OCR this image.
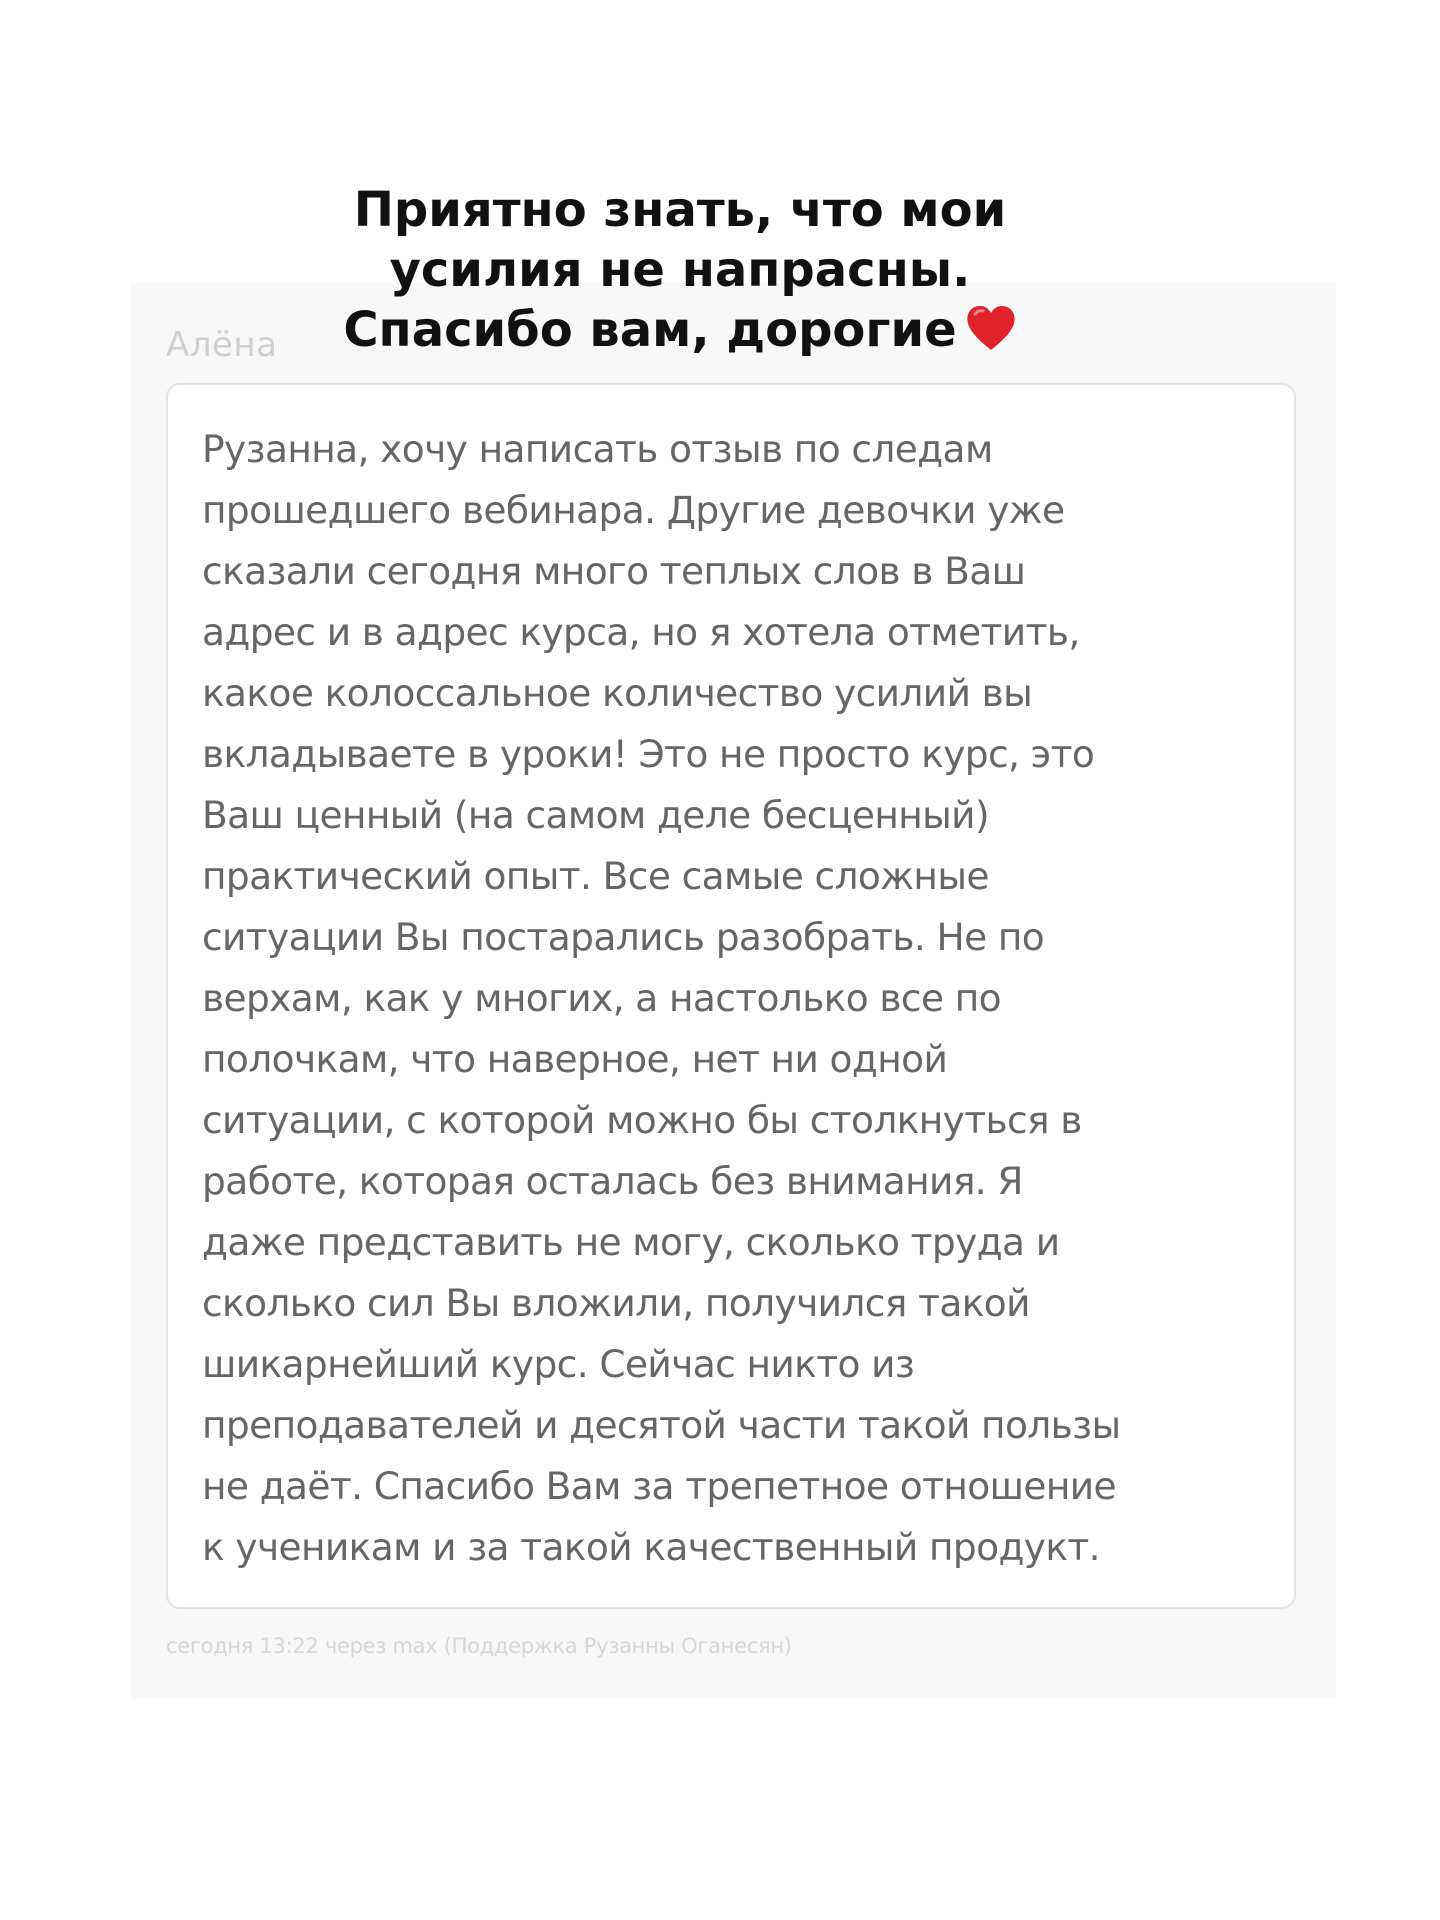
Алёна

Рузанна, хочу написать отзыв по следам
прошедшего вебинара. Другие девочки уже
сказали сегодня много теплых слов в Ваш
адрес и в адрес курса, но я хотела отметить,
какое колоссальное количество усилий вы
вкладываете в уроки! Это не просто курс, это
Ваш ценный (на самом деле бесценный)
практический опыт. Все самые сложные
ситуации Вы постарались разобрать. Не по
верхам, как у многих, а настолько все по
полочкам, что наверное, нет ни одной
ситуации, с которой можно бы столкнуться в
работе, которая осталась без внимания. Я
даже представить не могу, сколько труда и
сколько сил Вы вложили, получился такой
шикарнейший курс. Сейчас никто из
преподавателей и десятой части такой пользы
не даёт. Спасибо Вам за трепетное отношение
к ученикам и за такой качественный продукт.

сегодня 13:22 через max (Поддержка Рузанны Оганесян)
Приятно знать, что мои
усилия не напрасны.
Спасибо вам, дорогие
